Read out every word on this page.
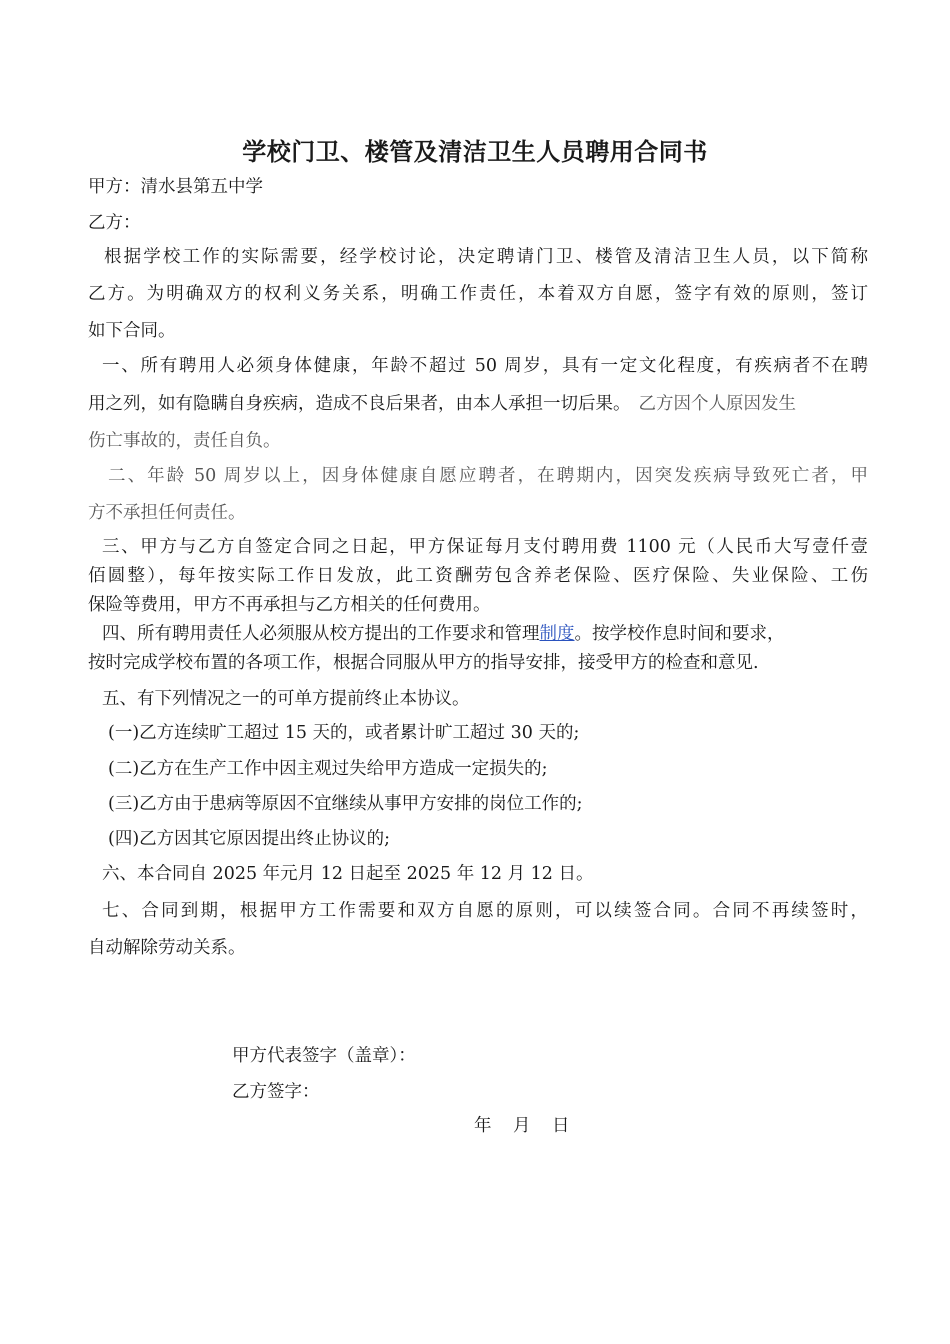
学校门卫、楼管及清洁卫生人员聘用合同书
甲方：清水县第五中学
乙方：
根据学校工作的实际需要，经学校讨论，决定聘请门卫、楼管及清洁卫生人员，以下简称
乙方。为明确双方的权利义务关系，明确工作责任，本着双方自愿，签字有效的原则，签订
如下合同。
一、所有聘用人必须身体健康，年龄不超过 50 周岁，具有一定文化程度，有疾病者不在聘
用之列，如有隐瞒自身疾病，造成不良后果者，由本人承担一切后果。 乙方因个人原因发生
伤亡事故的，责任自负。
二、年龄 50 周岁以上，因身体健康自愿应聘者，在聘期内，因突发疾病导致死亡者，甲
方不承担任何责任。
三、甲方与乙方自签定合同之日起，甲方保证每月支付聘用费 1100 元（人民币大写壹仟壹
佰圆整），每年按实际工作日发放，此工资酬劳包含养老保险、医疗保险、失业保险、工伤
保险等费用，甲方不再承担与乙方相关的任何费用。
四、所有聘用责任人必须服从校方提出的工作要求和管理制度。按学校作息时间和要求，
按时完成学校布置的各项工作，根据合同服从甲方的指导安排，接受甲方的检查和意见.
五、有下列情况之一的可单方提前终止本协议。
(一)乙方连续旷工超过 15 天的，或者累计旷工超过 30 天的;
(二)乙方在生产工作中因主观过失给甲方造成一定损失的;
(三)乙方由于患病等原因不宜继续从事甲方安排的岗位工作的;
(四)乙方因其它原因提出终止协议的;
六、本合同自 2025 年元月 12 日起至 2025 年 12 月 12 日。
七、合同到期，根据甲方工作需要和双方自愿的原则，可以续签合同。合同不再续签时，
自动解除劳动关系。
甲方代表签字（盖章）：
乙方签字：
年　月　日
